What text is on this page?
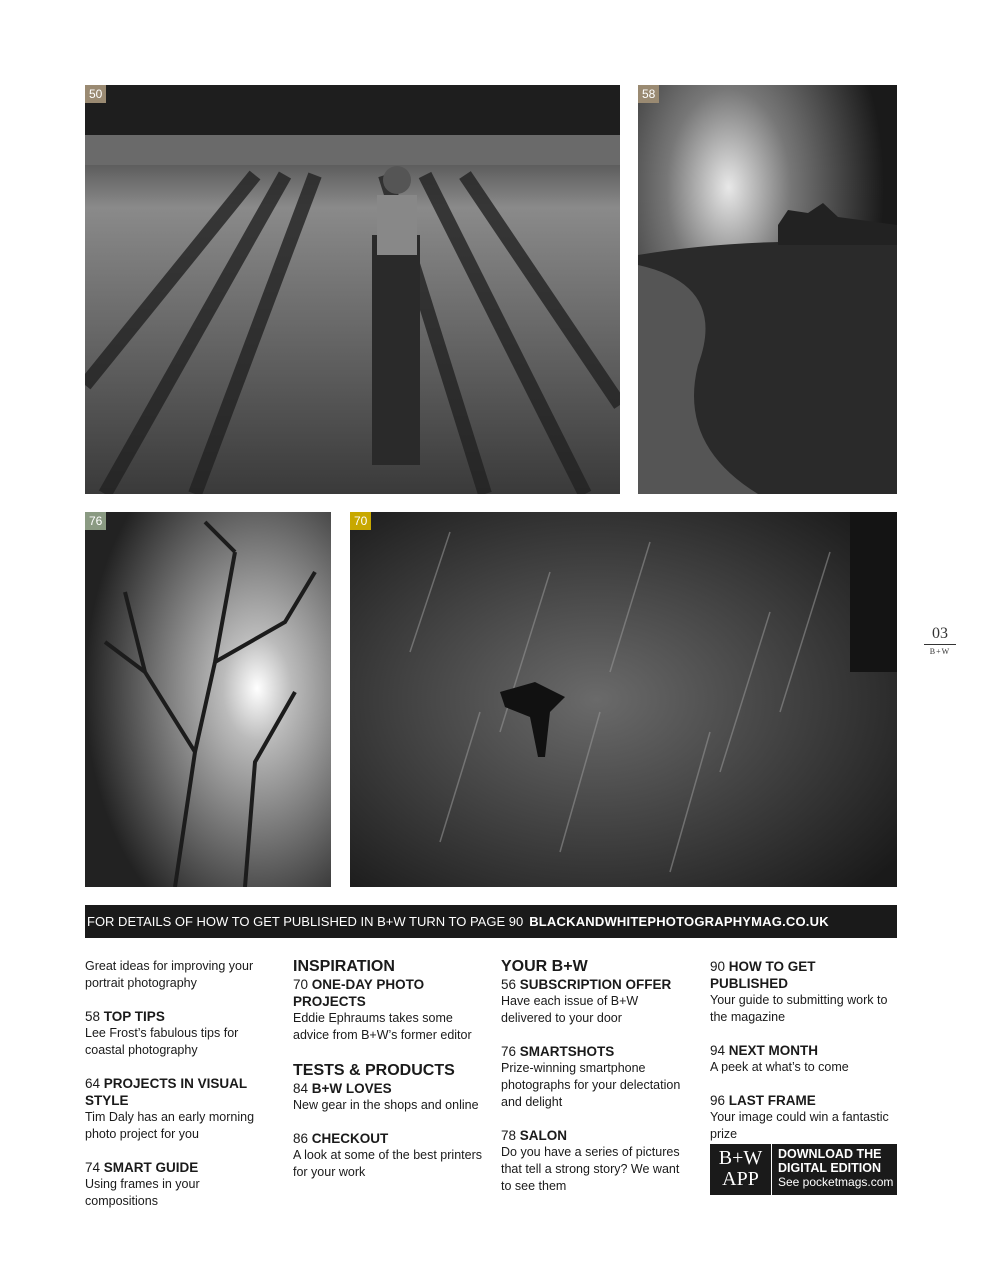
50	58
76	70
03
B+W
FOR DETAILS OF HOW TO GET PUBLISHED IN B+W TURN TO PAGE 90 BLACKANDWHITEPHOTOGRAPHYMAG.CO.UK
Great ideas for improving your portrait photography
58 TOP TIPS
Lee Frost’s fabulous tips for coastal photography
64 PROJECTS IN VISUAL STYLE
Tim Daly has an early morning photo project for you
74 SMART GUIDE
Using frames in your compositions
INSPIRATION
70 ONE-DAY PHOTO PROJECTS
Eddie Ephraums takes some advice from B+W’s former editor
TESTS & PRODUCTS
84 B+W LOVES
New gear in the shops and online
86 CHECKOUT
A look at some of the best printers for your work
YOUR B+W
56 SUBSCRIPTION OFFER
Have each issue of B+W delivered to your door
76 SMARTSHOTS
Prize-winning smartphone photographs for your delectation and delight
78 SALON
Do you have a series of pictures that tell a strong story? We want to see them
90 HOW TO GET PUBLISHED
Your guide to submitting work to the magazine
94 NEXT MONTH
A peek at what’s to come
96 LAST FRAME
Your image could win a fantastic prize
B+W
APP
DOWNLOAD THE
DIGITAL EDITION
See pocketmags.com
